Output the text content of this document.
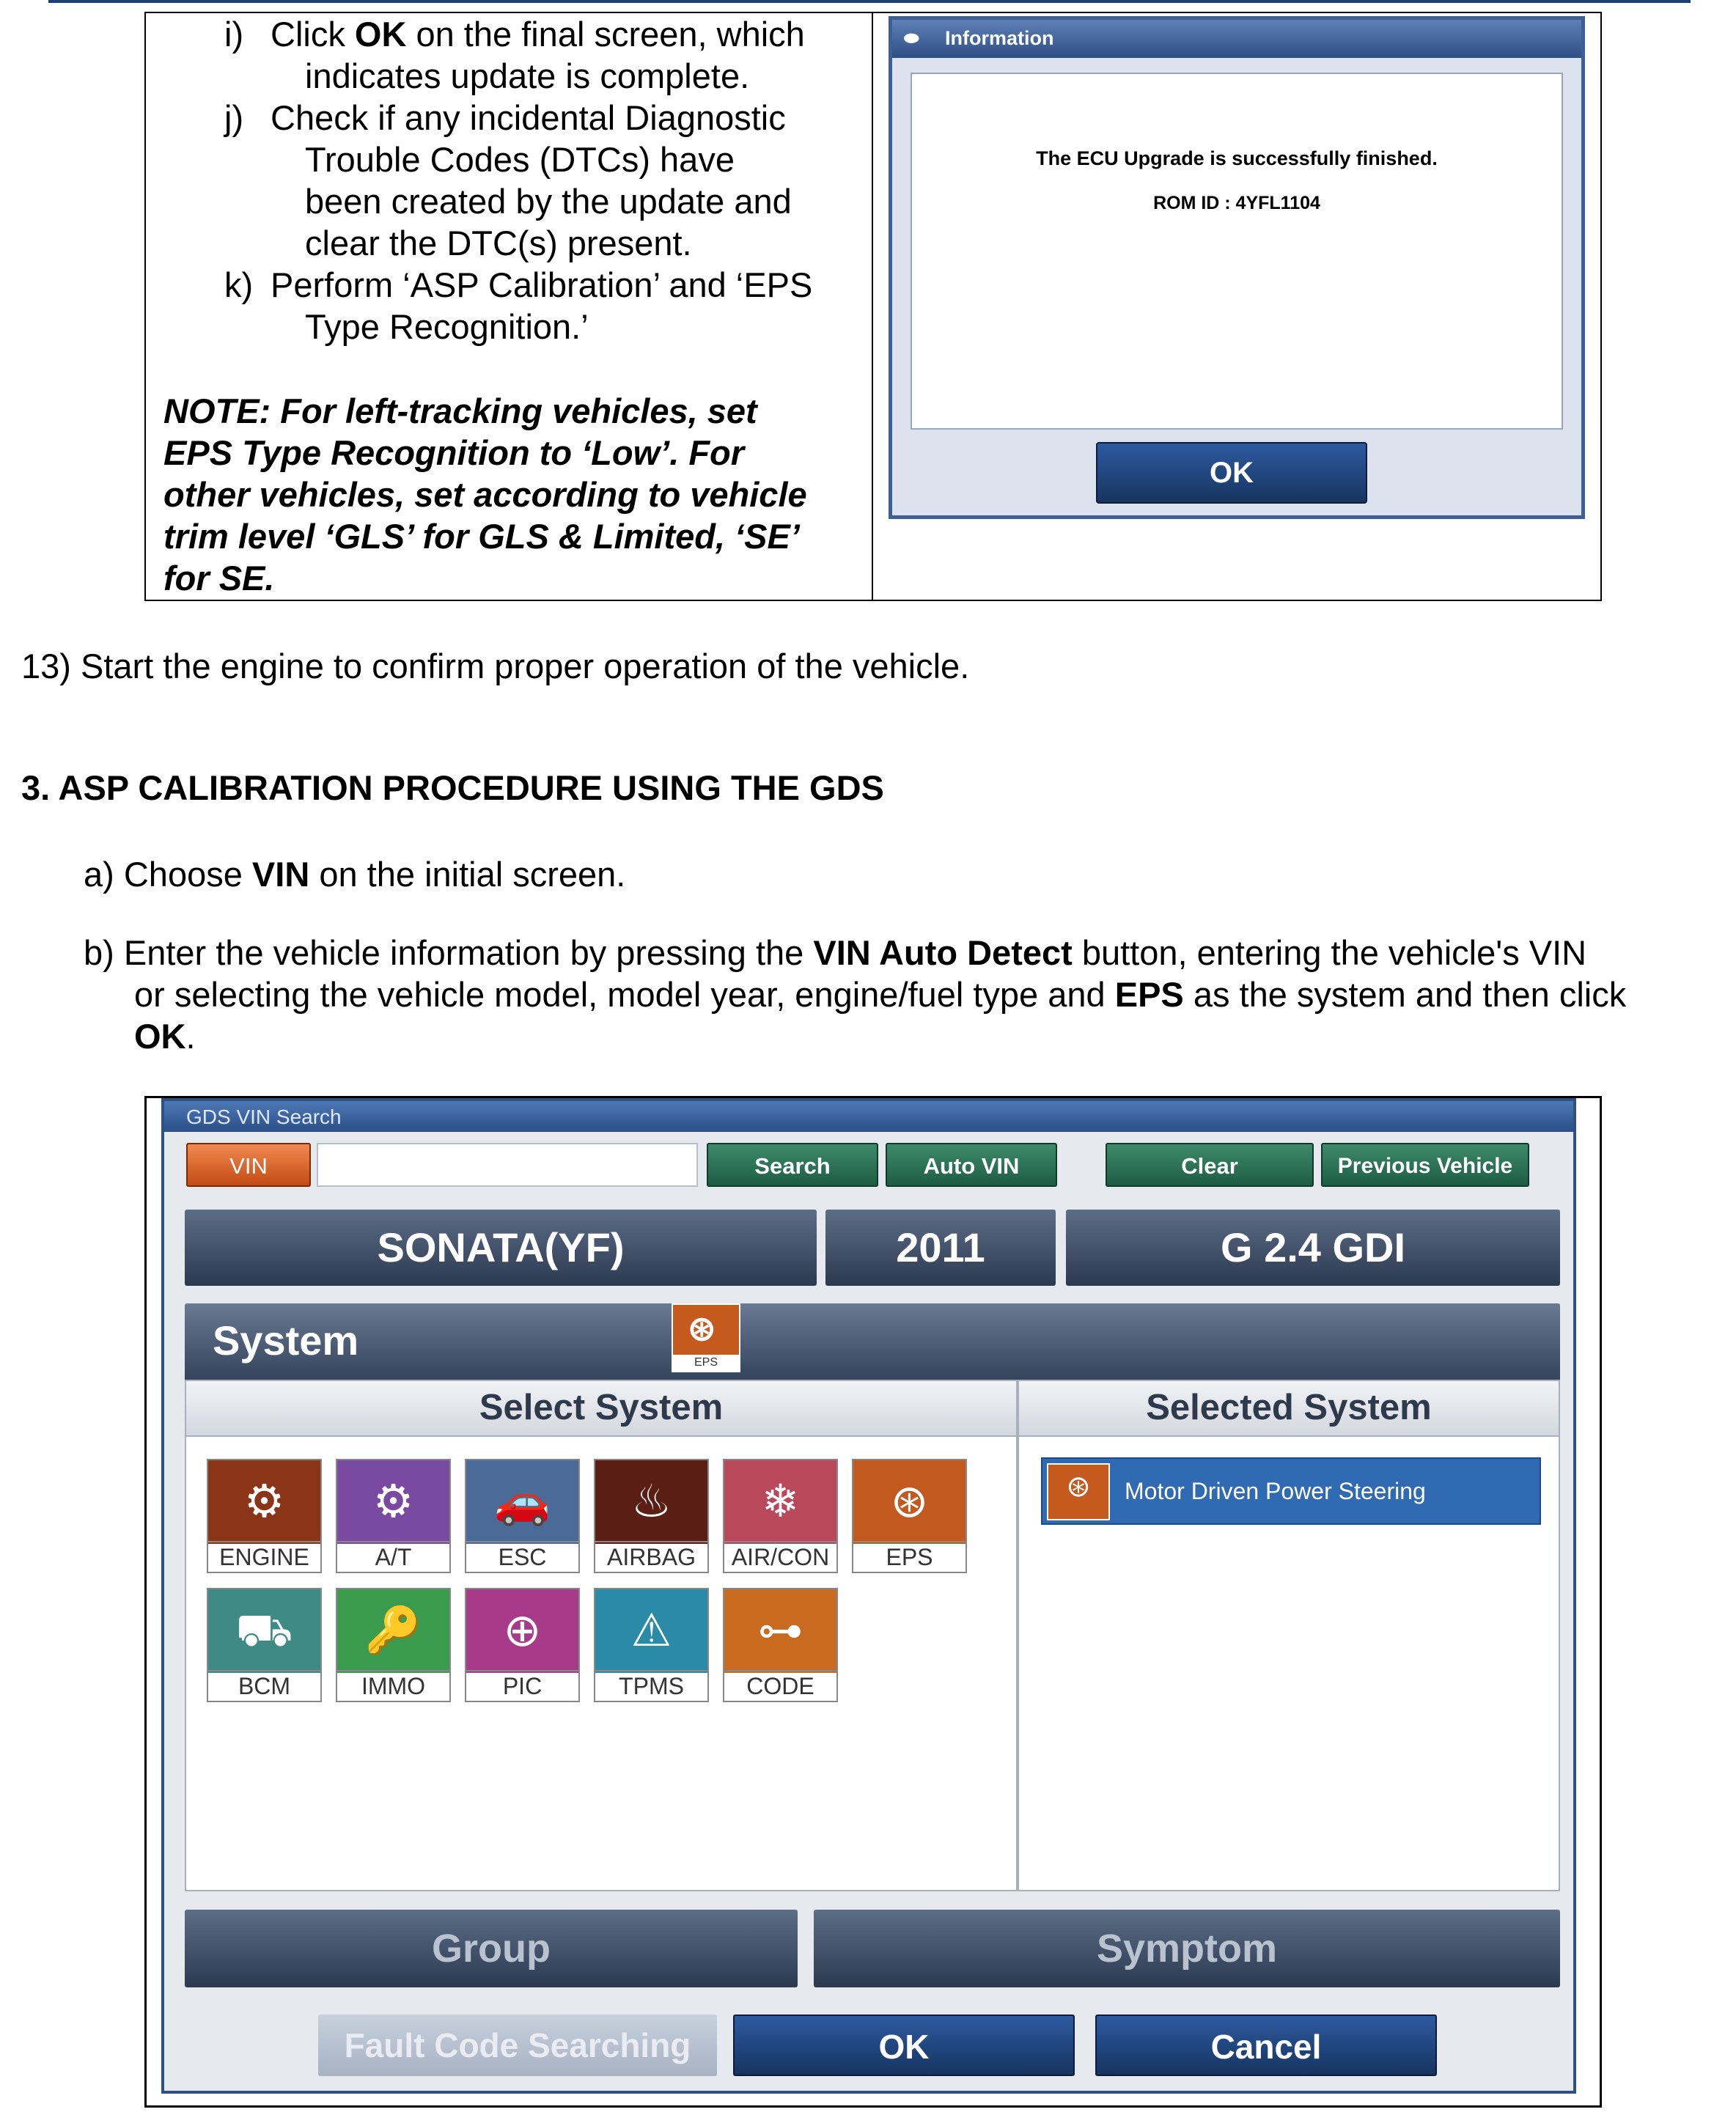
i) Click OK on the final screen, which
indicates update is complete.
j) Check if any incidental Diagnostic
Trouble Codes (DTCs) have
been created by the update and
clear the DTC(s) present.
k) Perform ‘ASP Calibration’ and ‘EPS
Type Recognition.’
NOTE: For left-tracking vehicles, set
EPS Type Recognition to ‘Low’. For
other vehicles, set according to vehicle
trim level ‘GLS’ for GLS & Limited, ‘SE’
for SE.
⬬ Information
The ECU Upgrade is successfully finished.
ROM ID : 4YFL1104
OK
13) Start the engine to confirm proper operation of the vehicle.
3. ASP CALIBRATION PROCEDURE USING THE GDS
a) Choose VIN on the initial screen.
b) Enter the vehicle information by pressing the VIN Auto Detect button, entering the vehicle's VIN
or selecting the vehicle model, model year, engine/fuel type and EPS as the system and then click
OK.
GDS VIN Search
VIN	Search	Auto VIN	Clear	Previous Vehicle
SONATA(YF)	2011	G 2.4 GDI
System	⊛
EPS
Select System
⚙
ENGINE
⚙
A/T
🚗
ESC
♨
AIRBAG
❄
AIR/CON
⊛
EPS
⛟
BCM
🔑
IMMO
⊕
PIC
⚠
TPMS
⊶
CODE
Selected System
⊛	Motor Driven Power Steering
Group	Symptom
Fault Code Searching	OK	Cancel
